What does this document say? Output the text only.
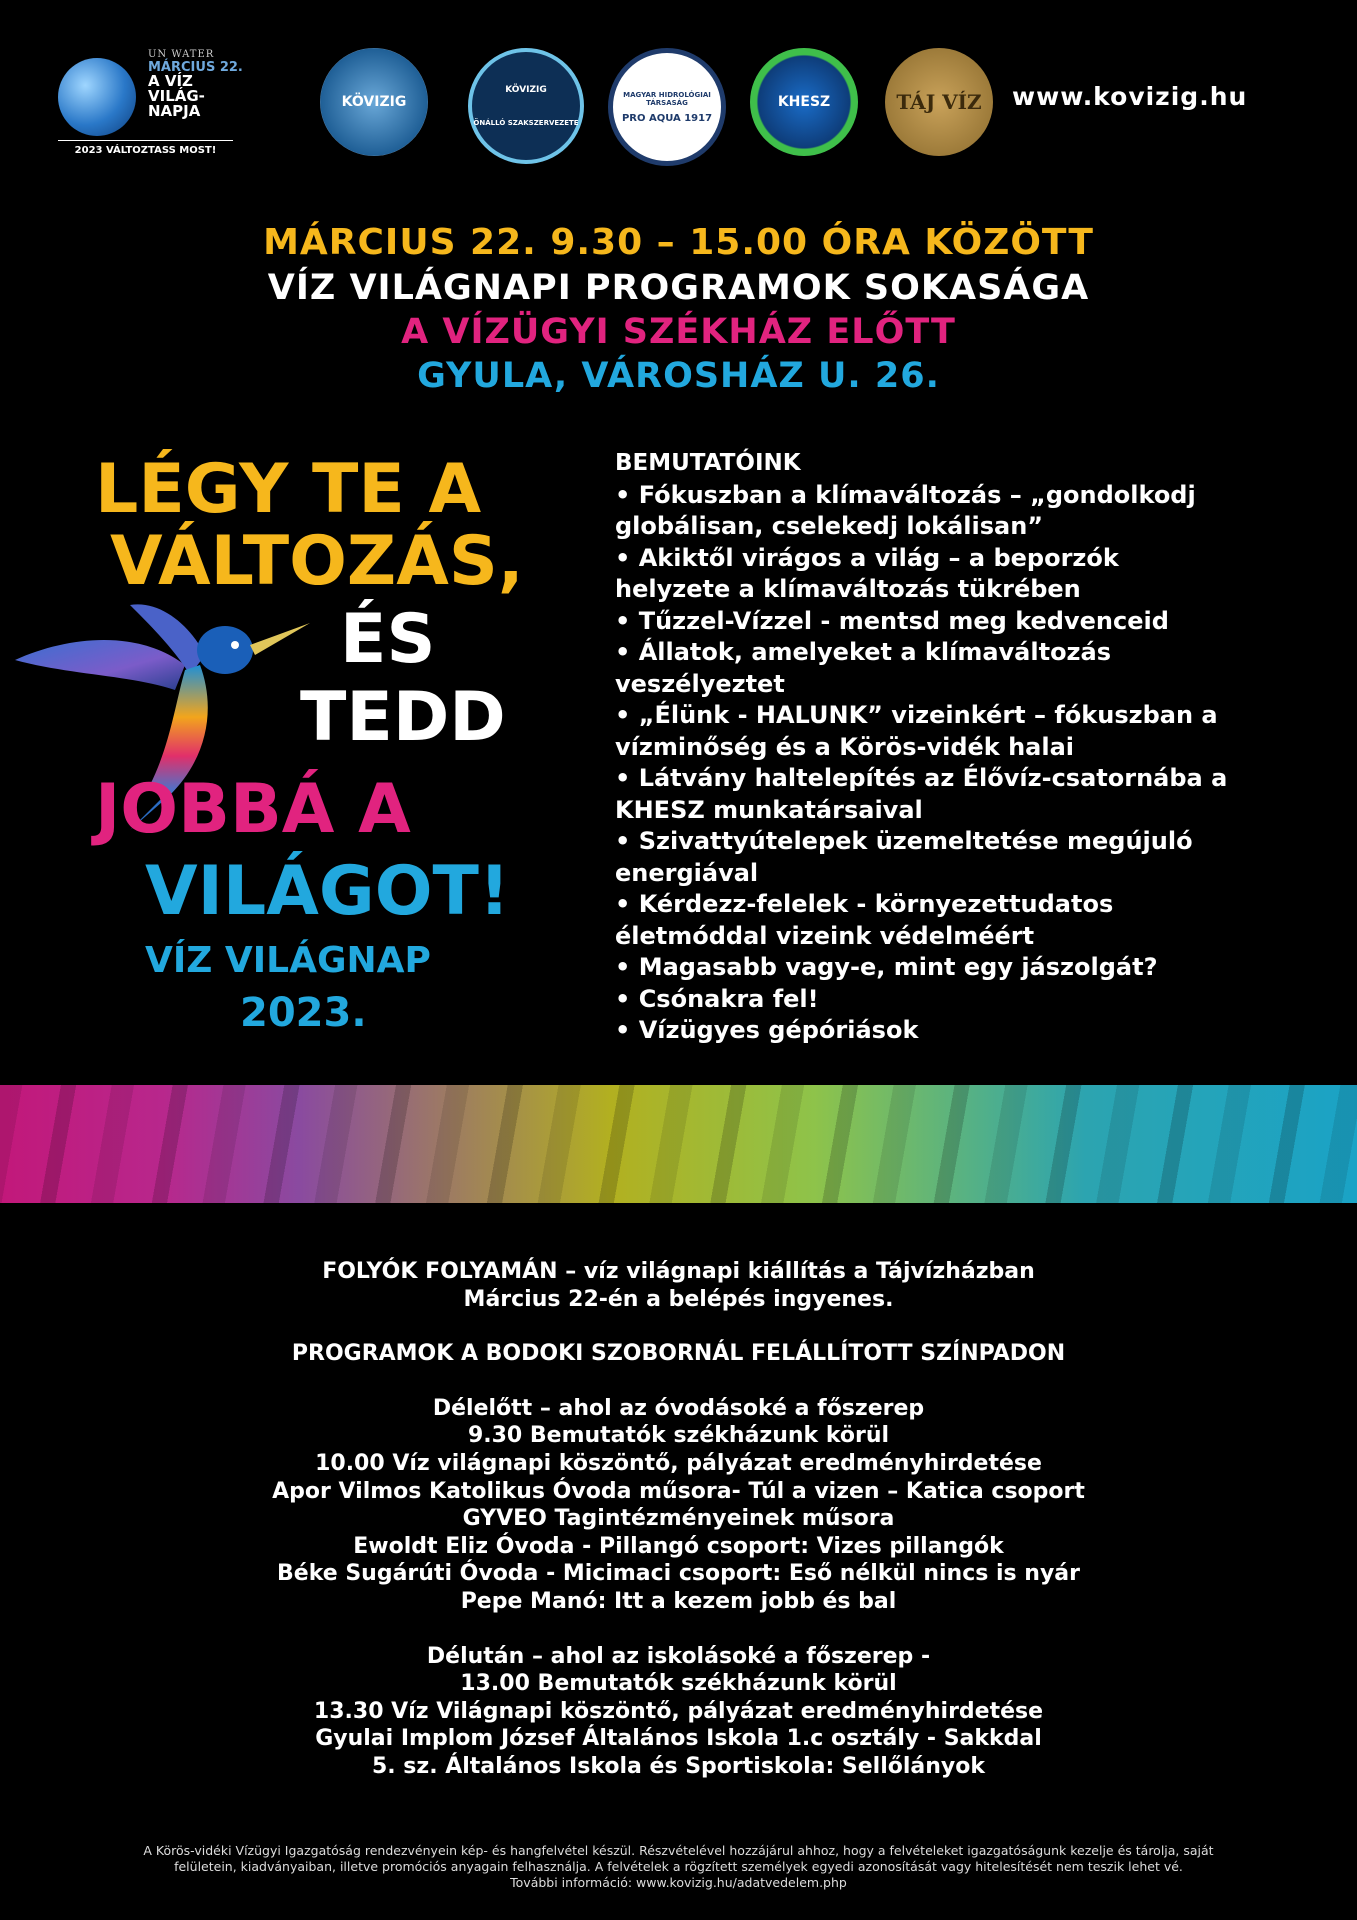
UN WATER
MÁRCIUS 22.
A VÍZ
VILÁG-
NAPJA
2023 VÁLTOZTASS MOST!
KÖVIZIG
KÖVIZIG
ÖNÁLLÓ SZAKSZERVEZETE
MAGYAR HIDROLÓGIAI TÁRSASÁG
PRO AQUA 1917
KHESZ	TÁJ VÍZ www.kovizig.hu
MÁRCIUS 22. 9.30 – 15.00 ÓRA KÖZÖTT
VÍZ VILÁGNAPI PROGRAMOK SOKASÁGA
A VÍZÜGYI SZÉKHÁZ ELŐTT
GYULA, VÁROSHÁZ U. 26.
LÉGY TE A
VÁLTOZÁS,
ÉS
TEDD
JOBBÁ A
VILÁGOT!
VÍZ VILÁGNAP
2023.
BEMUTATÓINK
• Fókuszban a klímaváltozás – „gondolkodj
globálisan, cselekedj lokálisan”
• Akiktől virágos a világ – a beporzók
helyzete a klímaváltozás tükrében
• Tűzzel-Vízzel - mentsd meg kedvenceid
• Állatok, amelyeket a klímaváltozás
veszélyeztet
• „Élünk - HALUNK” vizeinkért – fókuszban a
vízminőség és a Körös-vidék halai
• Látvány haltelepítés az Élővíz-csatornába a
KHESZ munkatársaival
• Szivattyútelepek üzemeltetése megújuló
energiával
• Kérdezz-felelek - környezettudatos
életmóddal vizeink védelméért
• Magasabb vagy-e, mint egy jászolgát?
• Csónakra fel!
• Vízügyes gépóriások
FOLYÓK FOLYAMÁN – víz világnapi kiállítás a Tájvízházban
Március 22-én a belépés ingyenes.
PROGRAMOK A BODOKI SZOBORNÁL FELÁLLÍTOTT SZÍNPADON
Délelőtt – ahol az óvodásoké a főszerep
9.30 Bemutatók székházunk körül
10.00 Víz világnapi köszöntő, pályázat eredményhirdetése
Apor Vilmos Katolikus Óvoda műsora- Túl a vizen – Katica csoport
GYVEO Tagintézményeinek műsora
Ewoldt Eliz Óvoda - Pillangó csoport: Vizes pillangók
Béke Sugárúti Óvoda - Micimaci csoport: Eső nélkül nincs is nyár
Pepe Manó: Itt a kezem jobb és bal
Délután – ahol az iskolásoké a főszerep -
13.00 Bemutatók székházunk körül
13.30 Víz Világnapi köszöntő, pályázat eredményhirdetése
Gyulai Implom József Általános Iskola 1.c osztály - Sakkdal
5. sz. Általános Iskola és Sportiskola: Sellőlányok
A Körös-vidéki Vízügyi Igazgatóság rendezvényein kép- és hangfelvétel készül. Részvételével hozzájárul ahhoz, hogy a felvételeket igazgatóságunk kezelje és tárolja, saját
felületein, kiadványaiban, illetve promóciós anyagain felhasználja. A felvételek a rögzített személyek egyedi azonosítását vagy hitelesítését nem teszik lehet vé.
További információ: www.kovizig.hu/adatvedelem.php
